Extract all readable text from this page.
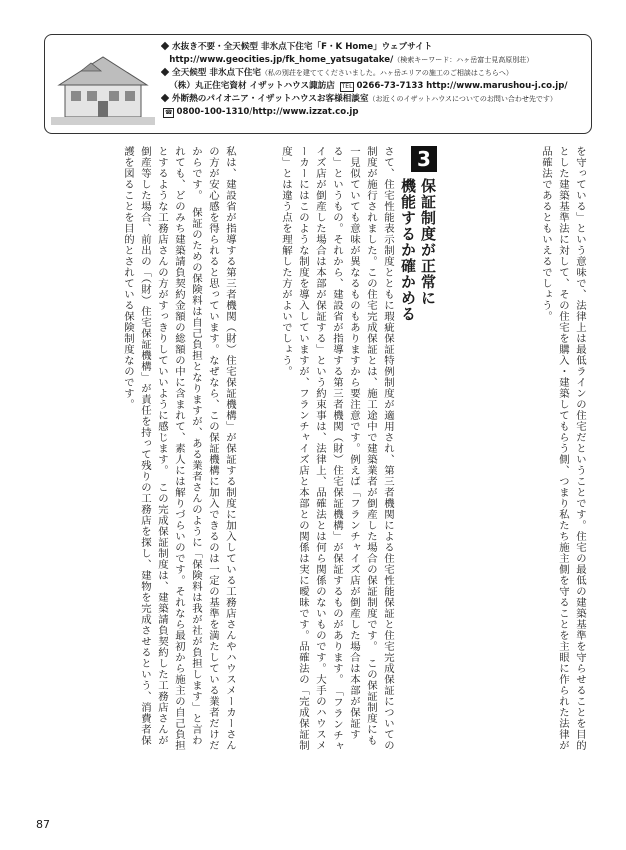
水抜き不要・全天候型 非氷点下住宅「F・K Home」ウェブサイト
http://www.geocities.jp/fk_home_yatsugatake/（検索キーワード：ハヶ岳富士見高原別荘）
全天候型 非氷点下住宅（私の別荘を建ててくださいました。ハヶ岳エリアの施工のご相談はこちらへ）
（株）丸正住宅資材 イザットハウス諏訪店 TEL 0266-73-7133 http://www.marushou-j.co.jp/
外断熱のパイオニア・イザットハウスお客様相談室（お近くのイザットハウスについてのお問い合わせ先です）
☎ 0800-100-1310/http://www.izzat.co.jp

を守っている」という意味で、法律上は最低ラインの住宅だということです。住宅の最低の建築基準を守らせることを目的とした建築基準法に対して、その住宅を購入・建築してもらう側、つまり私たち施主側を守ることを主眼に作られた法律が品確法であるともいえるでしょう。

3
保証制度が正常に
機能するか確かめる

さて、住宅性能表示制度とともに瑕疵保証特例制度が適用され、第三者機関による住宅性能保証と住宅完成保証についての制度が施行されました。この住宅完成保証とは、施工途中で建築業者が倒産した場合の保証制度です。　この保証制度にも一見似ていても意味が異なるものもありますから要注意です。例えば「フランチャイズ店が倒産した場合は本部が保証する」というもの。それから、建設省が指導する第三者機関（財）住宅保証機構」が保証するものがあります。　「フランチャイズ店が倒産した場合は本部が保証する」という約束事は、法律上、品確法とは何ら関係のないものです。大手のハウスメーカーにはこのような制度を導入していますが、フランチャイズ店と本部との関係は実に曖昧です。品確法の「完成保証制度」とは違う点を理解した方がよいでしょう。

私は、建設省が指導する第三者機関（財）住宅保証機構」が保証する制度に加入している工務店さんやハウスメーカーさんの方が安心感を得られると思っています。なぜなら、この保証機構に加入できるのは一定の基準を満たしている業者だけだからです。　保証のための保険料は自己負担となりますが、ある業者さんのように「保険料は我が社が負担します」と言われても、どのみち建築請負契約金額の総額の中に含まれて、素人には解りづらいのです。それなら最初から施主の自己負担とするような工務店さんの方がすっきりしていいように感じます。　この完成保証制度は、建築請負契約した工務店さんが倒産等した場合、前出の「（財）住宅保証機構」が責任を持って残りの工務店を探し、建物を完成させるという、消費者保護を図ることを目的とされている保険制度なのです。

87
